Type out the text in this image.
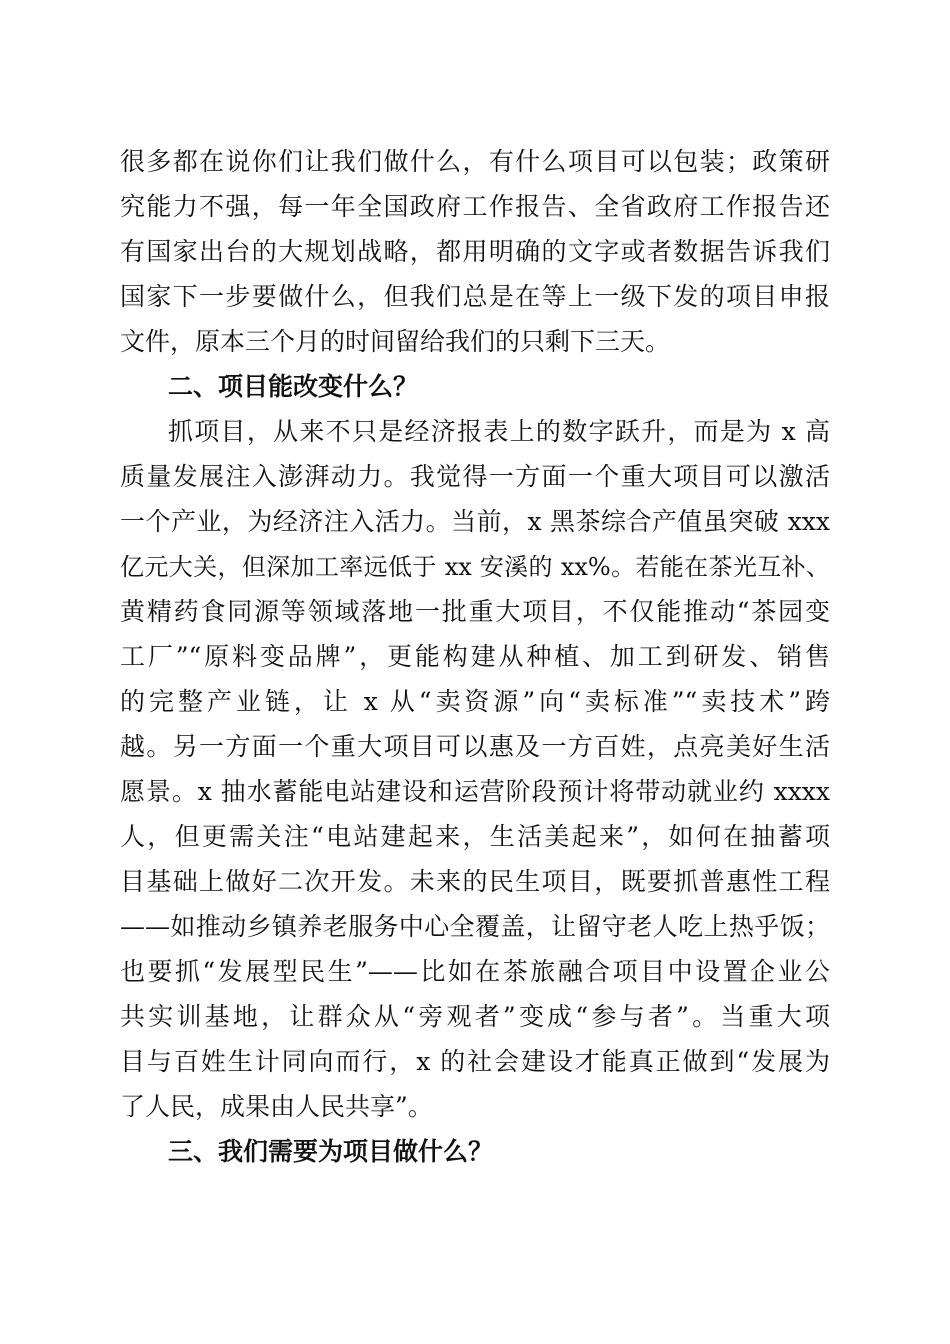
很多都在说你们让我们做什么，有什么项目可以包装；政策研
究能力不强，每一年全国政府工作报告、全省政府工作报告还
有国家出台的大规划战略，都用明确的文字或者数据告诉我们
国家下一步要做什么，但我们总是在等上一级下发的项目申报
文件，原本三个月的时间留给我们的只剩下三天。
二、项目能改变什么？
抓项目，从来不只是经济报表上的数字跃升，而是为 x 高
质量发展注入澎湃动力。我觉得一方面一个重大项目可以激活
一个产业，为经济注入活力。当前，x 黑茶综合产值虽突破 xxx
亿元大关，但深加工率远低于 xx 安溪的 xx%。若能在茶光互补、
黄精药食同源等领域落地一批重大项目，不仅能推动“茶园变
工厂”“原料变品牌”，更能构建从种植、加工到研发、销售
的完整产业链，让 x 从“卖资源”向“卖标准”“卖技术”跨
越。另一方面一个重大项目可以惠及一方百姓，点亮美好生活
愿景。x 抽水蓄能电站建设和运营阶段预计将带动就业约 xxxx
人，但更需关注“电站建起来，生活美起来”，如何在抽蓄项
目基础上做好二次开发。未来的民生项目，既要抓普惠性工程
——如推动乡镇养老服务中心全覆盖，让留守老人吃上热乎饭；
也要抓“发展型民生”——比如在茶旅融合项目中设置企业公
共实训基地，让群众从“旁观者”变成“参与者”。当重大项
目与百姓生计同向而行，x 的社会建设才能真正做到“发展为
了人民，成果由人民共享”。
三、我们需要为项目做什么？
